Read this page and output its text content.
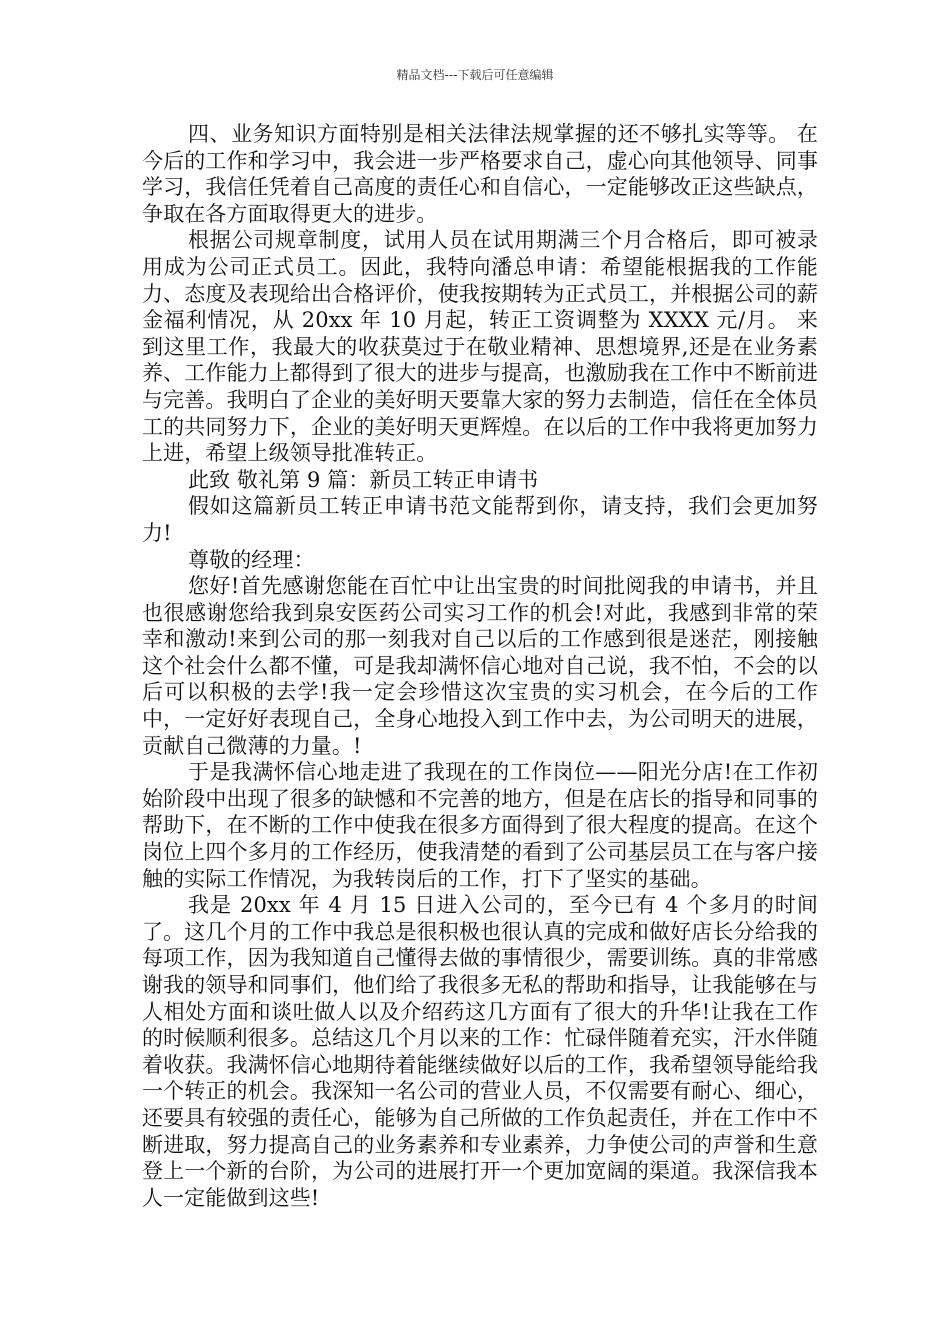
精品文档---下载后可任意编辑

四、业务知识方面特别是相关法律法规掌握的还不够扎实等等。 在今后的工作和学习中，我会进一步严格要求自己，虚心向其他领导、同事学习，我信任凭着自己高度的责任心和自信心，一定能够改正这些缺点，争取在各方面取得更大的进步。

根据公司规章制度，试用人员在试用期满三个月合格后，即可被录用成为公司正式员工。因此，我特向潘总申请：希望能根据我的工作能力、态度及表现给出合格评价，使我按期转为正式员工，并根据公司的薪金福利情况，从 20xx 年 10 月起，转正工资调整为 XXXX 元/月。 来到这里工作，我最大的收获莫过于在敬业精神、思想境界,还是在业务素养、工作能力上都得到了很大的进步与提高，也激励我在工作中不断前进与完善。我明白了企业的美好明天要靠大家的努力去制造，信任在全体员工的共同努力下，企业的美好明天更辉煌。在以后的工作中我将更加努力上进，希望上级领导批准转正。

此致 敬礼第 9 篇：新员工转正申请书

假如这篇新员工转正申请书范文能帮到你，请支持，我们会更加努力!

尊敬的经理：

您好!首先感谢您能在百忙中让出宝贵的时间批阅我的申请书，并且也很感谢您给我到泉安医药公司实习工作的机会!对此，我感到非常的荣幸和激动!来到公司的那一刻我对自己以后的工作感到很是迷茫，刚接触这个社会什么都不懂，可是我却满怀信心地对自己说，我不怕，不会的以后可以积极的去学!我一定会珍惜这次宝贵的实习机会，在今后的工作中，一定好好表现自己，全身心地投入到工作中去，为公司明天的进展，贡献自己微薄的力量。!

于是我满怀信心地走进了我现在的工作岗位——阳光分店!在工作初始阶段中出现了很多的缺憾和不完善的地方，但是在店长的指导和同事的帮助下，在不断的工作中使我在很多方面得到了很大程度的提高。在这个岗位上四个多月的工作经历，使我清楚的看到了公司基层员工在与客户接触的实际工作情况，为我转岗后的工作，打下了坚实的基础。

我是 20xx 年 4 月 15 日进入公司的，至今已有 4 个多月的时间了。这几个月的工作中我总是很积极也很认真的完成和做好店长分给我的每项工作，因为我知道自己懂得去做的事情很少，需要训练。真的非常感谢我的领导和同事们，他们给了我很多无私的帮助和指导，让我能够在与人相处方面和谈吐做人以及介绍药这几方面有了很大的升华!让我在工作的时候顺利很多。总结这几个月以来的工作：忙碌伴随着充实，汗水伴随着收获。我满怀信心地期待着能继续做好以后的工作，我希望领导能给我一个转正的机会。我深知一名公司的营业人员，不仅需要有耐心、细心，还要具有较强的责任心，能够为自己所做的工作负起责任，并在工作中不断进取，努力提高自己的业务素养和专业素养，力争使公司的声誉和生意登上一个新的台阶，为公司的进展打开一个更加宽阔的渠道。我深信我本人一定能做到这些!
